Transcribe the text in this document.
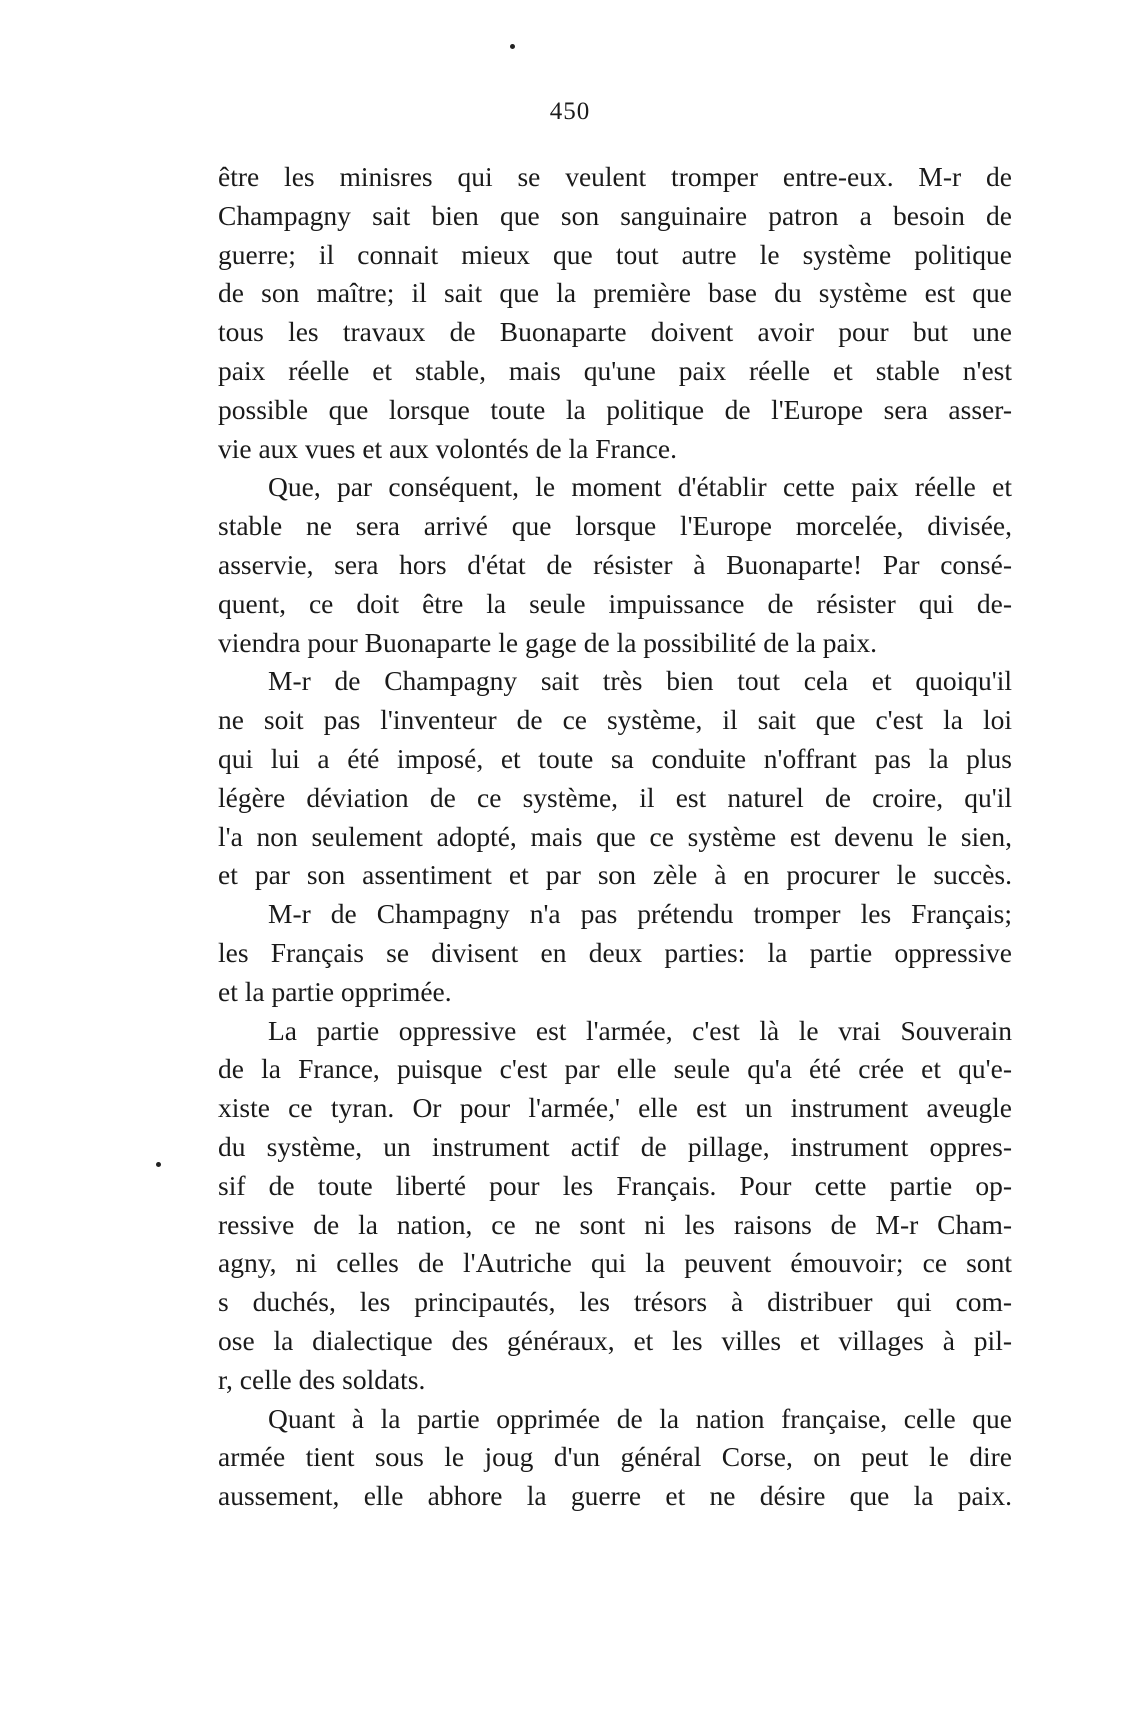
450
être les minisres qui se veulent tromper entre-eux. M-r de
Champagny sait bien que son sanguinaire patron a besoin de
guerre; il connait mieux que tout autre le système politique
de son maître; il sait que la première base du système est que
tous les travaux de Buonaparte doivent avoir pour but une
paix réelle et stable, mais qu'une paix réelle et stable n'est
possible que lorsque toute la politique de l'Europe sera asser-
vie aux vues et aux volontés de la France.
Que, par conséquent, le moment d'établir cette paix réelle et
stable ne sera arrivé que lorsque l'Europe morcelée, divisée,
asservie, sera hors d'état de résister à Buonaparte! Par consé-
quent, ce doit être la seule impuissance de résister qui de-
viendra pour Buonaparte le gage de la possibilité de la paix.
M-r de Champagny sait très bien tout cela et quoiqu'il
ne soit pas l'inventeur de ce système, il sait que c'est la loi
qui lui a été imposé, et toute sa conduite n'offrant pas la plus
légère déviation de ce système, il est naturel de croire, qu'il
l'a non seulement adopté, mais que ce système est devenu le sien,
et par son assentiment et par son zèle à en procurer le succès.
M-r de Champagny n'a pas prétendu tromper les Français;
les Français se divisent en deux parties: la partie oppressive
et la partie opprimée.
La partie oppressive est l'armée, c'est là le vrai Souverain
de la France, puisque c'est par elle seule qu'a été crée et qu'e-
xiste ce tyran. Or pour l'armée,' elle est un instrument aveugle
du système, un instrument actif de pillage, instrument oppres-
sif de toute liberté pour les Français. Pour cette partie op-
ressive de la nation, ce ne sont ni les raisons de M-r Cham-
agny, ni celles de l'Autriche qui la peuvent émouvoir; ce sont
s duchés, les principautés, les trésors à distribuer qui com-
ose la dialectique des généraux, et les villes et villages à pil-
r, celle des soldats.
Quant à la partie opprimée de la nation française, celle que
armée tient sous le joug d'un général Corse, on peut le dire
aussement, elle abhore la guerre et ne désire que la paix.
